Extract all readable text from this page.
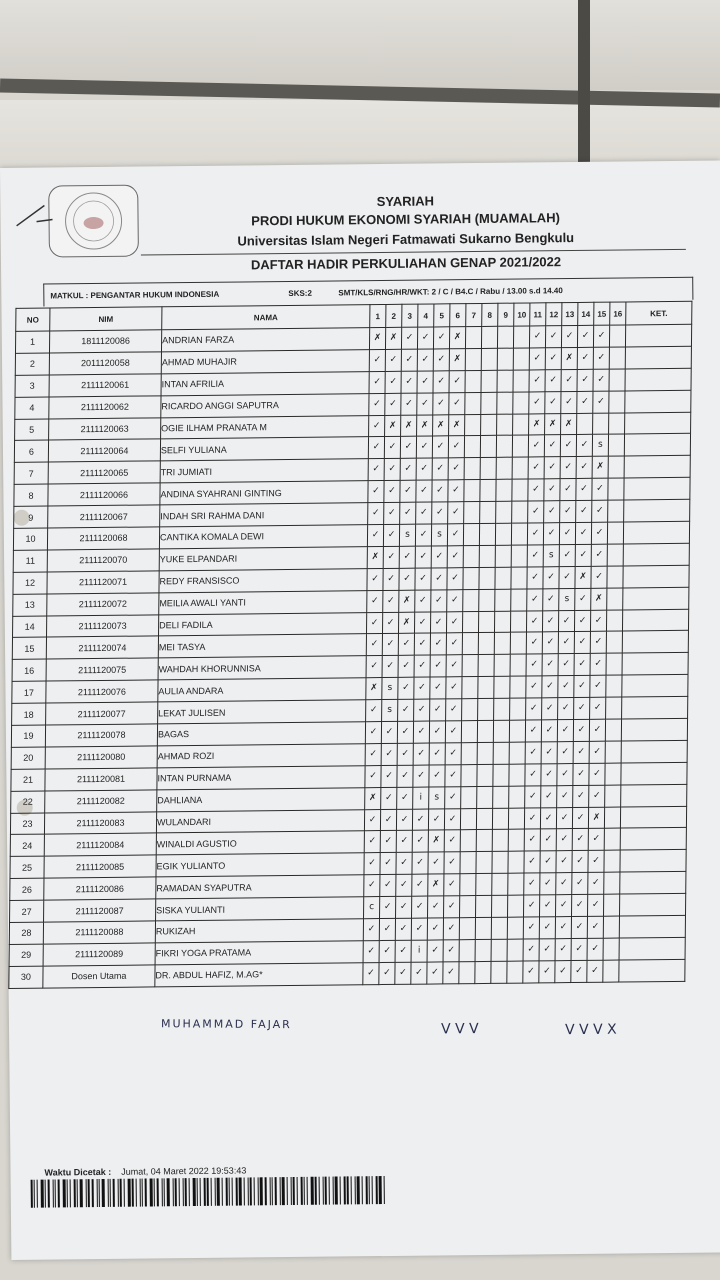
SYARIAH
PRODI HUKUM EKONOMI SYARIAH (MUAMALAH)
Universitas Islam Negeri Fatmawati Sukarno Bengkulu
DAFTAR HADIR PERKULIAHAN GENAP 2021/2022
MATKUL : PENGANTAR HUKUM INDONESIA	SKS:2	SMT/KLS/RNG/HR/WKT: 2 / C / B4.C / Rabu / 13.00 s.d 14.40
NO	NIM	NAMA	1	2	3	4	5	6	7	8	9	10	11	12	13	14	15	16	KET.
1	1811120086	ANDRIAN FARZA	✗	✗	✓	✓	✓	✗					✓	✓	✓	✓	✓		
2	2011120058	AHMAD MUHAJIR	✓	✓	✓	✓	✓	✗					✓	✓	✗	✓	✓		
3	2111120061	INTAN AFRILIA	✓	✓	✓	✓	✓	✓					✓	✓	✓	✓	✓		
4	2111120062	RICARDO ANGGI SAPUTRA	✓	✓	✓	✓	✓	✓					✓	✓	✓	✓	✓		
5	2111120063	OGIE ILHAM PRANATA M	✓	✗	✗	✗	✗	✗					✗	✗	✗				
6	2111120064	SELFI YULIANA	✓	✓	✓	✓	✓	✓					✓	✓	✓	✓	s		
7	2111120065	TRI JUMIATI	✓	✓	✓	✓	✓	✓					✓	✓	✓	✓	✗		
8	2111120066	ANDINA SYAHRANI GINTING	✓	✓	✓	✓	✓	✓					✓	✓	✓	✓	✓		
9	2111120067	INDAH SRI RAHMA DANI	✓	✓	✓	✓	✓	✓					✓	✓	✓	✓	✓		
10	2111120068	CANTIKA KOMALA DEWI	✓	✓	s	✓	s	✓					✓	✓	✓	✓	✓		
11	2111120070	YUKE ELPANDARI	✗	✓	✓	✓	✓	✓					✓	s	✓	✓	✓		
12	2111120071	REDY FRANSISCO	✓	✓	✓	✓	✓	✓					✓	✓	✓	✗	✓		
13	2111120072	MEILIA AWALI YANTI	✓	✓	✗	✓	✓	✓					✓	✓	s	✓	✗		
14	2111120073	DELI FADILA	✓	✓	✗	✓	✓	✓					✓	✓	✓	✓	✓		
15	2111120074	MEI TASYA	✓	✓	✓	✓	✓	✓					✓	✓	✓	✓	✓		
16	2111120075	WAHDAH KHORUNNISA	✓	✓	✓	✓	✓	✓					✓	✓	✓	✓	✓		
17	2111120076	AULIA ANDARA	✗	s	✓	✓	✓	✓					✓	✓	✓	✓	✓		
18	2111120077	LEKAT JULISEN	✓	s	✓	✓	✓	✓					✓	✓	✓	✓	✓		
19	2111120078	BAGAS	✓	✓	✓	✓	✓	✓					✓	✓	✓	✓	✓		
20	2111120080	AHMAD ROZI	✓	✓	✓	✓	✓	✓					✓	✓	✓	✓	✓		
21	2111120081	INTAN PURNAMA	✓	✓	✓	✓	✓	✓					✓	✓	✓	✓	✓		
22	2111120082	DAHLIANA	✗	✓	✓	i	s	✓					✓	✓	✓	✓	✓		
23	2111120083	WULANDARI	✓	✓	✓	✓	✓	✓					✓	✓	✓	✓	✗		
24	2111120084	WINALDI AGUSTIO	✓	✓	✓	✓	✗	✓					✓	✓	✓	✓	✓		
25	2111120085	EGIK YULIANTO	✓	✓	✓	✓	✓	✓					✓	✓	✓	✓	✓		
26	2111120086	RAMADAN SYAPUTRA	✓	✓	✓	✓	✗	✓					✓	✓	✓	✓	✓		
27	2111120087	SISKA YULIANTI	c	✓	✓	✓	✓	✓					✓	✓	✓	✓	✓		
28	2111120088	RUKIZAH	✓	✓	✓	✓	✓	✓					✓	✓	✓	✓	✓		
29	2111120089	FIKRI YOGA PRATAMA	✓	✓	✓	i	✓	✓					✓	✓	✓	✓	✓		
30	Dosen Utama	DR. ABDUL HAFIZ, M.AG*	✓	✓	✓	✓	✓	✓					✓	✓	✓	✓	✓		
MUHAMMAD FAJAR	V V V	V V V X
Waktu Dicetak : Jumat, 04 Maret 2022 19:53:43
